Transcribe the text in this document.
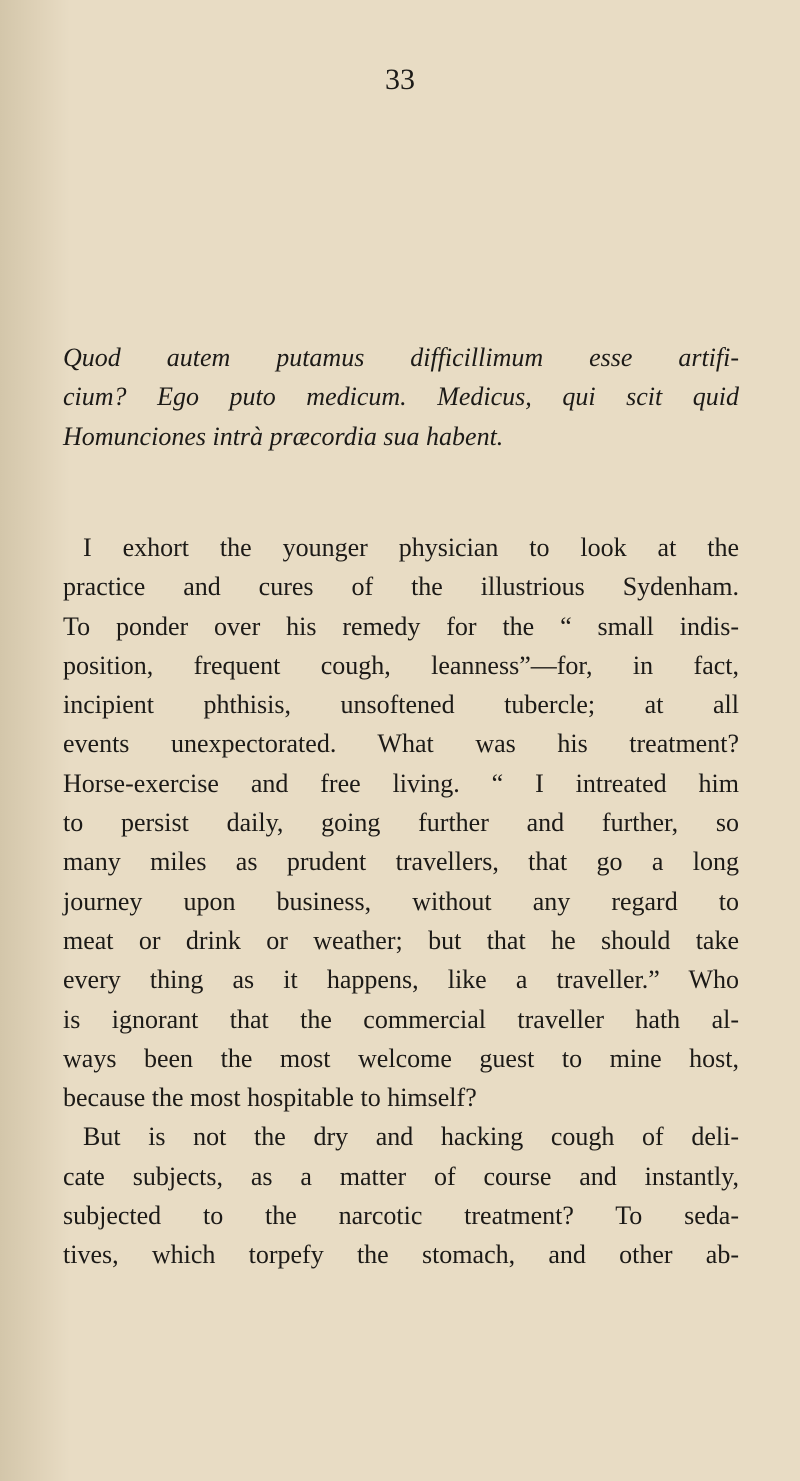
33
Quod autem putamus difficillimum esse artifi-
cium? Ego puto medicum. Medicus, qui scit quid
Homunciones intrà præcordia sua habent.
I exhort the younger physician to look at the
practice and cures of the illustrious Sydenham.
To ponder over his remedy for the “ small indis-
position, frequent cough, leanness”—for, in fact,
incipient phthisis, unsoftened tubercle; at all
events unexpectorated. What was his treatment?
Horse-exercise and free living. “ I intreated him
to persist daily, going further and further, so
many miles as prudent travellers, that go a long
journey upon business, without any regard to
meat or drink or weather; but that he should take
every thing as it happens, like a traveller.” Who
is ignorant that the commercial traveller hath al-
ways been the most welcome guest to mine host,
because the most hospitable to himself?
But is not the dry and hacking cough of deli-
cate subjects, as a matter of course and instantly,
subjected to the narcotic treatment? To seda-
tives, which torpefy the stomach, and other ab-
